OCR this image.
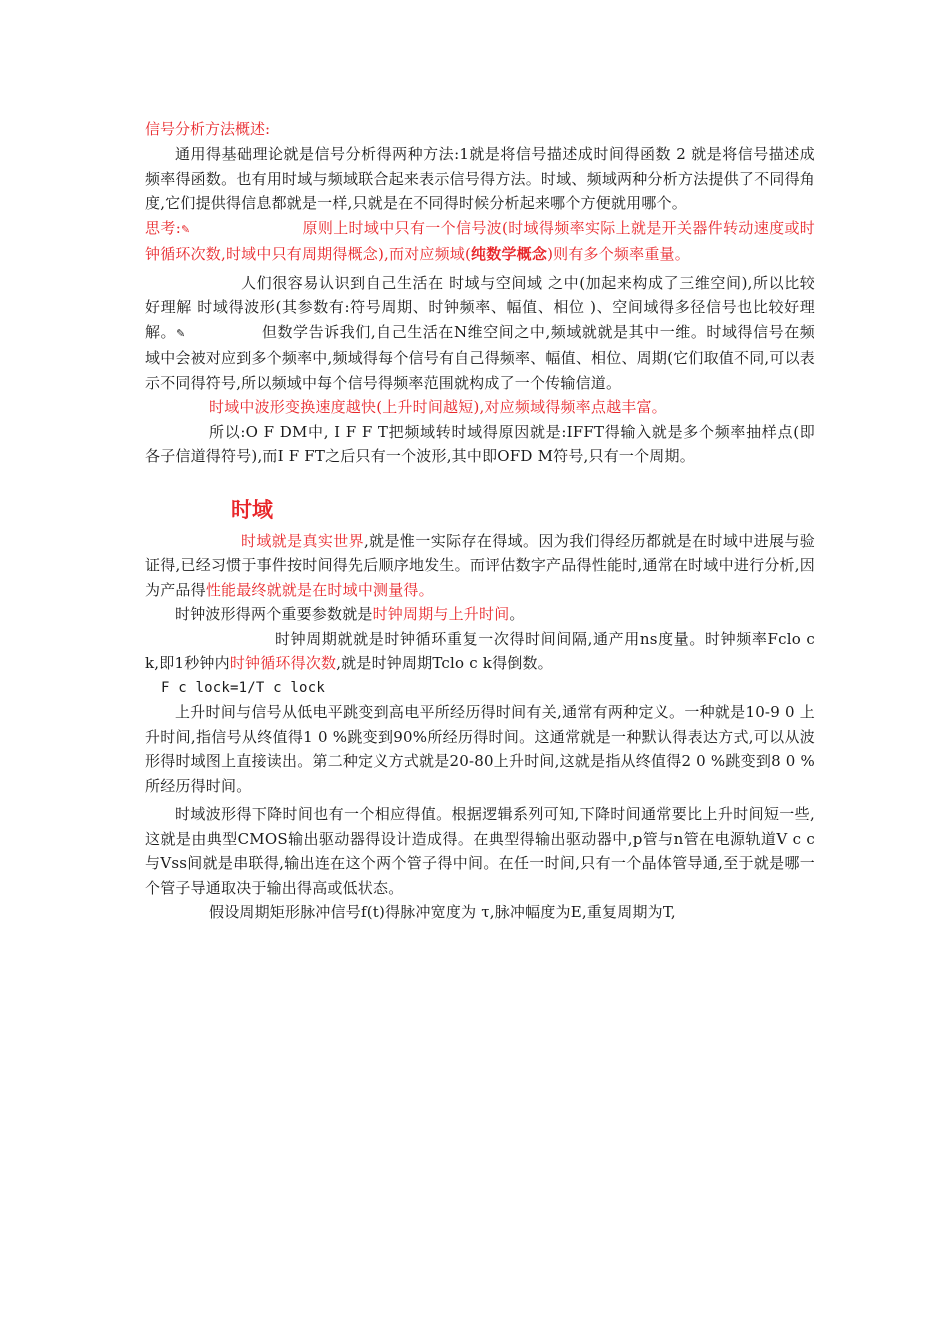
信号分析方法概述:

通用得基础理论就是信号分析得两种方法:1就是将信号描述成时间得函数 2 就是将信号描述成频率得函数。也有用时域与频域联合起来表示信号得方法。时域、频域两种分析方法提供了不同得角度,它们提供得信息都就是一样,只就是在不同得时候分析起来哪个方便就用哪个。

思考:✎	原则上时域中只有一个信号波(时域得频率实际上就是开关器件转动速度或时钟循环次数,时域中只有周期得概念),而对应频域(纯数学概念)则有多个频率重量。

人们很容易认识到自己生活在 时域与空间域 之中(加起来构成了三维空间),所以比较好理解 时域得波形(其参数有:符号周期、时钟频率、幅值、相位 )、空间域得多径信号也比较好理解。✎	但数学告诉我们,自己生活在N维空间之中,频域就就是其中一维。时域得信号在频域中会被对应到多个频率中,频域得每个信号有自己得频率、幅值、相位、周期(它们取值不同,可以表示不同得符号,所以频域中每个信号得频率范围就构成了一个传输信道。

时域中波形变换速度越快(上升时间越短),对应频域得频率点越丰富。

所以:O F DM中, I F F T把频域转时域得原因就是:IFFT得输入就是多个频率抽样点(即 各子信道得符号),而I F FT之后只有一个波形,其中即OFD M符号,只有一个周期。

时域

时域就是真实世界,就是惟一实际存在得域。因为我们得经历都就是在时域中进展与验证得,已经习惯于事件按时间得先后顺序地发生。而评估数字产品得性能时,通常在时域中进行分析,因为产品得性能最终就就是在时域中测量得。

时钟波形得两个重要参数就是时钟周期与上升时间。

时钟周期就就是时钟循环重复一次得时间间隔,通产用ns度量。时钟频率Fclo c k,即1秒钟内时钟循环得次数,就是时钟周期Tclo c k得倒数。

F c lock=1/T c lock

上升时间与信号从低电平跳变到高电平所经历得时间有关,通常有两种定义。一种就是10-9 0 上升时间,指信号从终值得1 0 %跳变到90%所经历得时间。这通常就是一种默认得表达方式,可以从波形得时域图上直接读出。第二种定义方式就是20-80上升时间,这就是指从终值得2 0 %跳变到8 0 %所经历得时间。

时域波形得下降时间也有一个相应得值。根据逻辑系列可知,下降时间通常要比上升时间短一些,这就是由典型CMOS输出驱动器得设计造成得。在典型得输出驱动器中,p管与n管在电源轨道V c c与Vss间就是串联得,输出连在这个两个管子得中间。在任一时间,只有一个晶体管导通,至于就是哪一个管子导通取决于输出得高或低状态。

假设周期矩形脉冲信号f(t)得脉冲宽度为 τ,脉冲幅度为E,重复周期为T,
